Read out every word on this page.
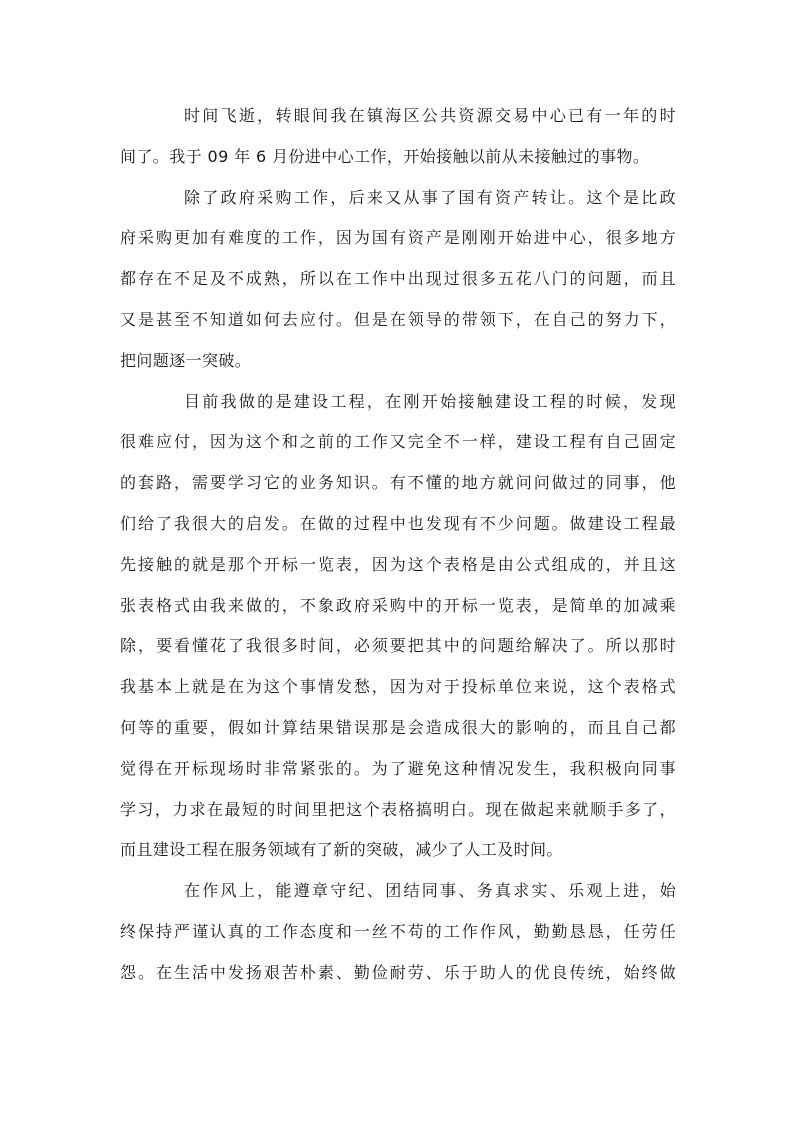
时间飞逝，转眼间我在镇海区公共资源交易中心已有一年的时
间了。我于 09 年 6 月份进中心工作，开始接触以前从未接触过的事物。
除了政府采购工作，后来又从事了国有资产转让。这个是比政
府采购更加有难度的工作，因为国有资产是刚刚开始进中心，很多地方
都存在不足及不成熟，所以在工作中出现过很多五花八门的问题，而且
又是甚至不知道如何去应付。但是在领导的带领下，在自己的努力下，
把问题逐一突破。
目前我做的是建设工程，在刚开始接触建设工程的时候，发现
很难应付，因为这个和之前的工作又完全不一样，建设工程有自己固定
的套路，需要学习它的业务知识。有不懂的地方就问问做过的同事，他
们给了我很大的启发。在做的过程中也发现有不少问题。做建设工程最
先接触的就是那个开标一览表，因为这个表格是由公式组成的，并且这
张表格式由我来做的，不象政府采购中的开标一览表，是简单的加减乘
除，要看懂花了我很多时间，必须要把其中的问题给解决了。所以那时
我基本上就是在为这个事情发愁，因为对于投标单位来说，这个表格式
何等的重要，假如计算结果错误那是会造成很大的影响的，而且自己都
觉得在开标现场时非常紧张的。为了避免这种情况发生，我积极向同事
学习，力求在最短的时间里把这个表格搞明白。现在做起来就顺手多了，
而且建设工程在服务领域有了新的突破，减少了人工及时间。
在作风上，能遵章守纪、团结同事、务真求实、乐观上进，始
终保持严谨认真的工作态度和一丝不苟的工作作风，勤勤恳恳，任劳任
怨。在生活中发扬艰苦朴素、勤俭耐劳、乐于助人的优良传统，始终做
